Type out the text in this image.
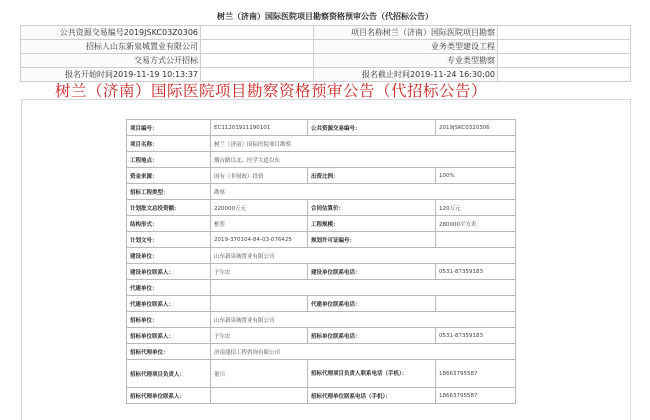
树兰（济南）国际医院项目勘察资格预审公告（代招标公告）
公共资源交易编号2019JSKC03Z0306		项目名称树兰（济南）国际医院项目勘察	
招标人山东新泉城置业有限公司		业务类型建设工程	
交易方式公开招标		专业类型勘察	
报名开始时间2019-11-19 10:13:37		报名截止时间2019-11-24 16:30:00	
树兰（济南）国际医院项目勘察资格预审公告（代招标公告）
项目编号：	EC11201911190101	公共资源交易编号：	2019JSKC0320306
项目名称：	树兰（济南）国际医院项目勘察		
工程地点：	烟台路以北、医学大道以东		
资金来源：	国有（非财政）投资	出资比例：	100%
招标工程类型：	勘察		
计划批文总投资额：	220000万元	合同估算价：	120万元
结构形式：	框剪	工程规模：	280000平方米
计划文号：	2019-370104-84-03-076425	规划许可证编号：	
建设单位：	山东新泉城置业有限公司		
建设单位联系人：	于尔宏	建设单位联系电话：	0531-87359183
代建单位：			
代建单位联系人：		代建单位联系电话：	
招标单位：	山东新泉城置业有限公司		
招标单位联系人：	于尔宏	招标单位联系电话：	0531-87359183
招标代理单位：	济南建招工程咨询有限公司		
招标代理项目负责人：	董川	招标代理项目负责人联系电话（手机）：	18663795587
招标代理单位联系人：		招标代理单位联系电话（手机）：	18663795587
